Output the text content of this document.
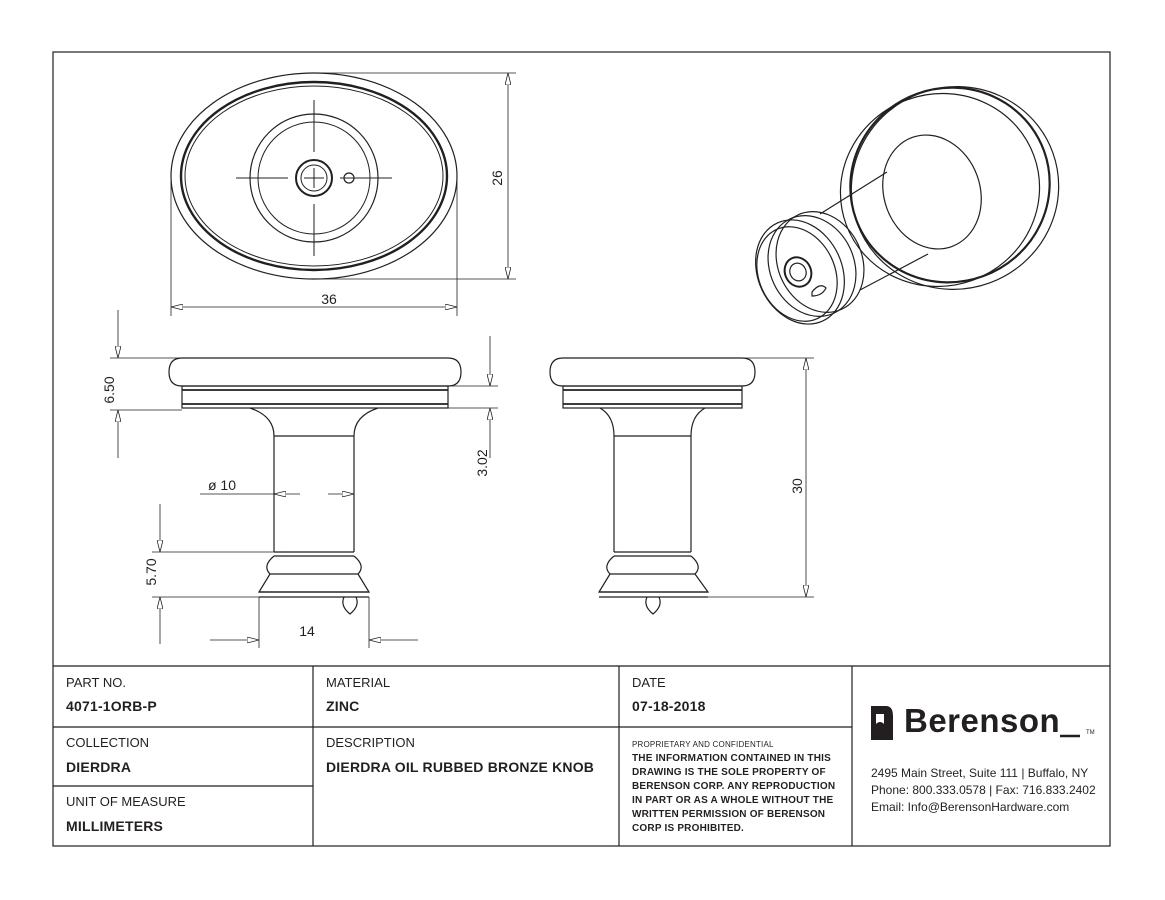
36
26
6.50
3.02
ø 10
5.70
14
30
PART NO.
4071-1ORB-P
MATERIAL
ZINC
DATE
07-18-2018
COLLECTION
DIERDRA
DESCRIPTION
DIERDRA OIL RUBBED BRONZE KNOB
UNIT OF MEASURE
MILLIMETERS
PROPRIETARY AND CONFIDENTIAL
THE INFORMATION CONTAINED IN THIS
DRAWING IS THE SOLE PROPERTY OF
BERENSON CORP. ANY REPRODUCTION
IN PART OR AS A WHOLE WITHOUT THE
WRITTEN PERMISSION OF BERENSON
CORP IS PROHIBITED.
Berenson	TM
2495 Main Street, Suite 111 | Buffalo, NY
Phone: 800.333.0578 | Fax: 716.833.2402
Email: Info@BerensonHardware.com
